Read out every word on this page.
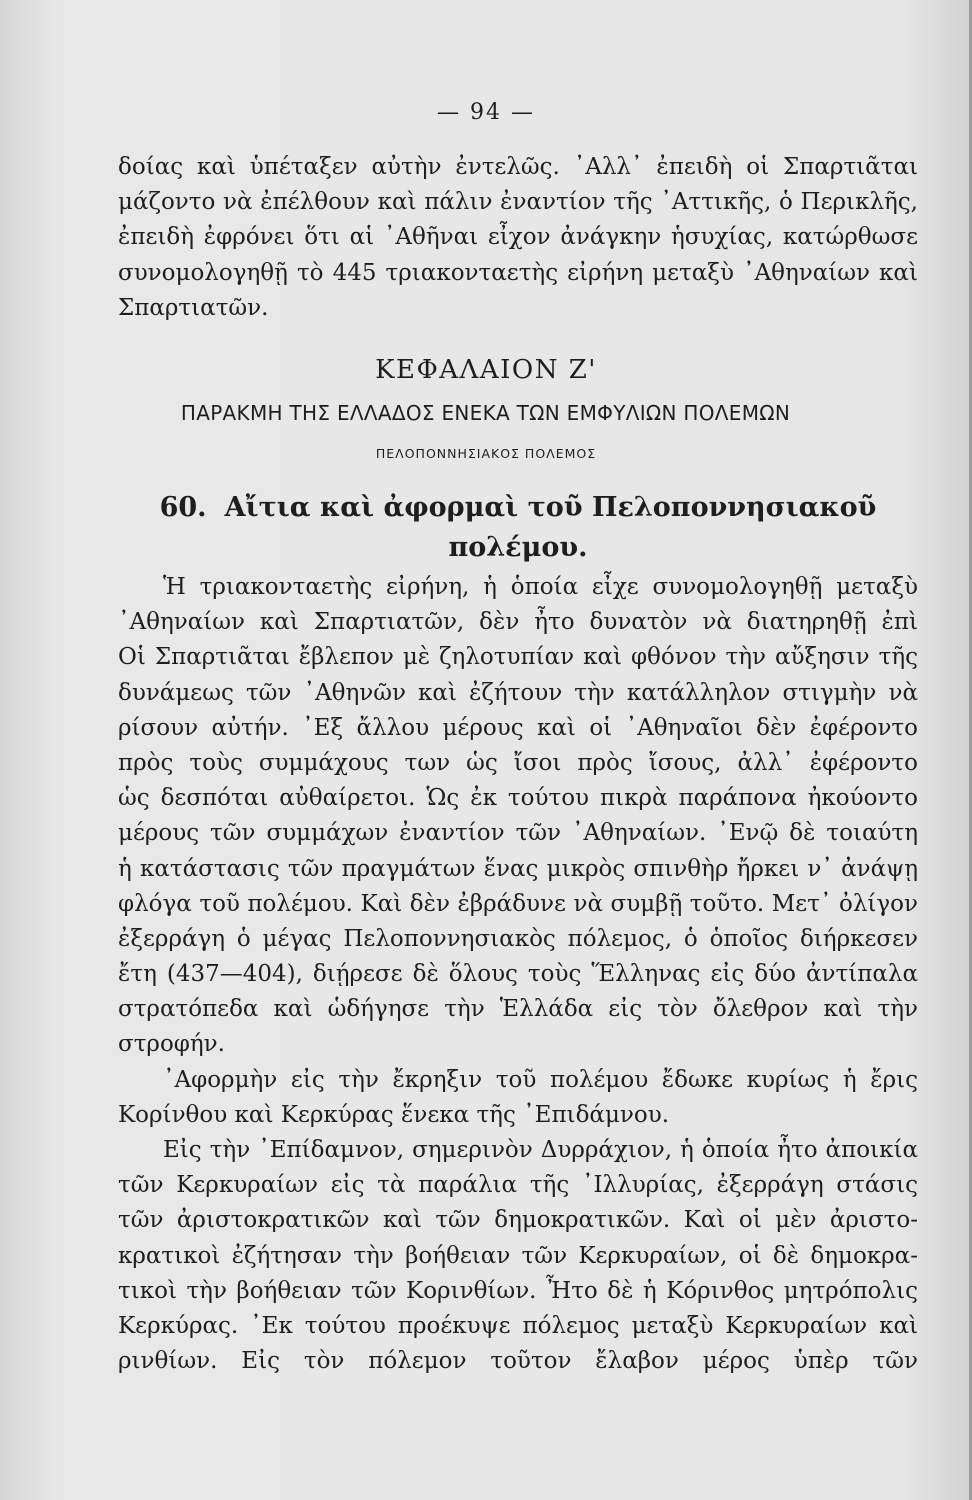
— 94 —
δοίας καὶ ὑπέταξεν αὐτὴν ἐντελῶς. ᾿Αλλ᾿ ἐπειδὴ οἱ Σπαρτιᾶται
μάζοντο νὰ ἐπέλθουν καὶ πάλιν ἐναντίον τῆς ᾿Αττικῆς, ὁ Περικλῆς,
ἐπειδὴ ἐφρόνει ὅτι αἱ ᾿Αθῆναι εἶχον ἀνάγκην ἡσυχίας, κατώρθωσε
συνομολογηθῇ τὸ 445 τριακονταετὴς εἰρήνη μεταξὺ ᾿Αθηναίων καὶ
Σπαρτιατῶν.
ΚΕΦΑΛΑΙΟΝ Ζ'
ΠΑΡΑΚΜΗ ΤΗΣ ΕΛΛΑΔΟΣ ΕΝΕΚΑ ΤΩΝ ΕΜΦΥΛΙΩΝ ΠΟΛΕΜΩΝ
ΠΕΛΟΠΟΝΝΗΣΙΑΚΟΣ ΠΟΛΕΜΟΣ
60. Αἴτια καὶ ἀφορμαὶ τοῦ Πελοποννησιακοῦ
πολέμου.
Ἡ τριακονταετὴς εἰρήνη, ἡ ὁποία εἶχε συνομολογηθῇ μεταξὺ
᾿Αθηναίων καὶ Σπαρτιατῶν, δὲν ἦτο δυνατὸν νὰ διατηρηθῇ ἐπὶ
Οἱ Σπαρτιᾶται ἔβλεπον μὲ ζηλοτυπίαν καὶ φθόνον τὴν αὔξησιν τῆς
δυνάμεως τῶν ᾿Αθηνῶν καὶ ἐζήτουν τὴν κατάλληλον στιγμὴν νὰ
ρίσουν αὐτήν. ᾿Εξ ἄλλου μέρους καὶ οἱ ᾿Αθηναῖοι δὲν ἐφέροντο
πρὸς τοὺς συμμάχους των ὡς ἴσοι πρὸς ἴσους, ἀλλ᾿ ἐφέροντο
ὡς δεσπόται αὐθαίρετοι. Ὡς ἐκ τούτου πικρὰ παράπονα ἠκούοντο
μέρους τῶν συμμάχων ἐναντίον τῶν ᾿Αθηναίων. ᾿Ενῷ δὲ τοιαύτη
ἡ κατάστασις τῶν πραγμάτων ἕνας μικρὸς σπινθὴρ ἤρκει ν᾿ ἀνάψῃ
φλόγα τοῦ πολέμου. Καὶ δὲν ἐβράδυνε νὰ συμβῇ τοῦτο. Μετ᾿ ὀλίγον
ἐξερράγη ὁ μέγας Πελοποννησιακὸς πόλεμος, ὁ ὁποῖος διήρκεσεν
ἔτη (437—404), διῄρεσε δὲ ὅλους τοὺς Ἕλληνας εἰς δύο ἀντίπαλα
στρατόπεδα καὶ ὡδήγησε τὴν Ἑλλάδα εἰς τὸν ὄλεθρον καὶ τὴν
στροφήν.
᾿Αφορμὴν εἰς τὴν ἔκρηξιν τοῦ πολέμου ἔδωκε κυρίως ἡ ἔρις
Κορίνθου καὶ Κερκύρας ἕνεκα τῆς ᾿Επιδάμνου.
Εἰς τὴν ᾿Επίδαμνον, σημερινὸν Δυρράχιον, ἡ ὁποία ἦτο ἀποικία
τῶν Κερκυραίων εἰς τὰ παράλια τῆς ᾿Ιλλυρίας, ἐξερράγη στάσις
τῶν ἀριστοκρατικῶν καὶ τῶν δημοκρατικῶν. Καὶ οἱ μὲν ἀριστο-
κρατικοὶ ἐζήτησαν τὴν βοήθειαν τῶν Κερκυραίων, οἱ δὲ δημοκρα-
τικοὶ τὴν βοήθειαν τῶν Κορινθίων. Ἦτο δὲ ἡ Κόρινθος μητρόπολις
Κερκύρας. ᾿Εκ τούτου προέκυψε πόλεμος μεταξὺ Κερκυραίων καὶ
ρινθίων. Εἰς τὸν πόλεμον τοῦτον ἔλαβον μέρος ὑπὲρ τῶν
